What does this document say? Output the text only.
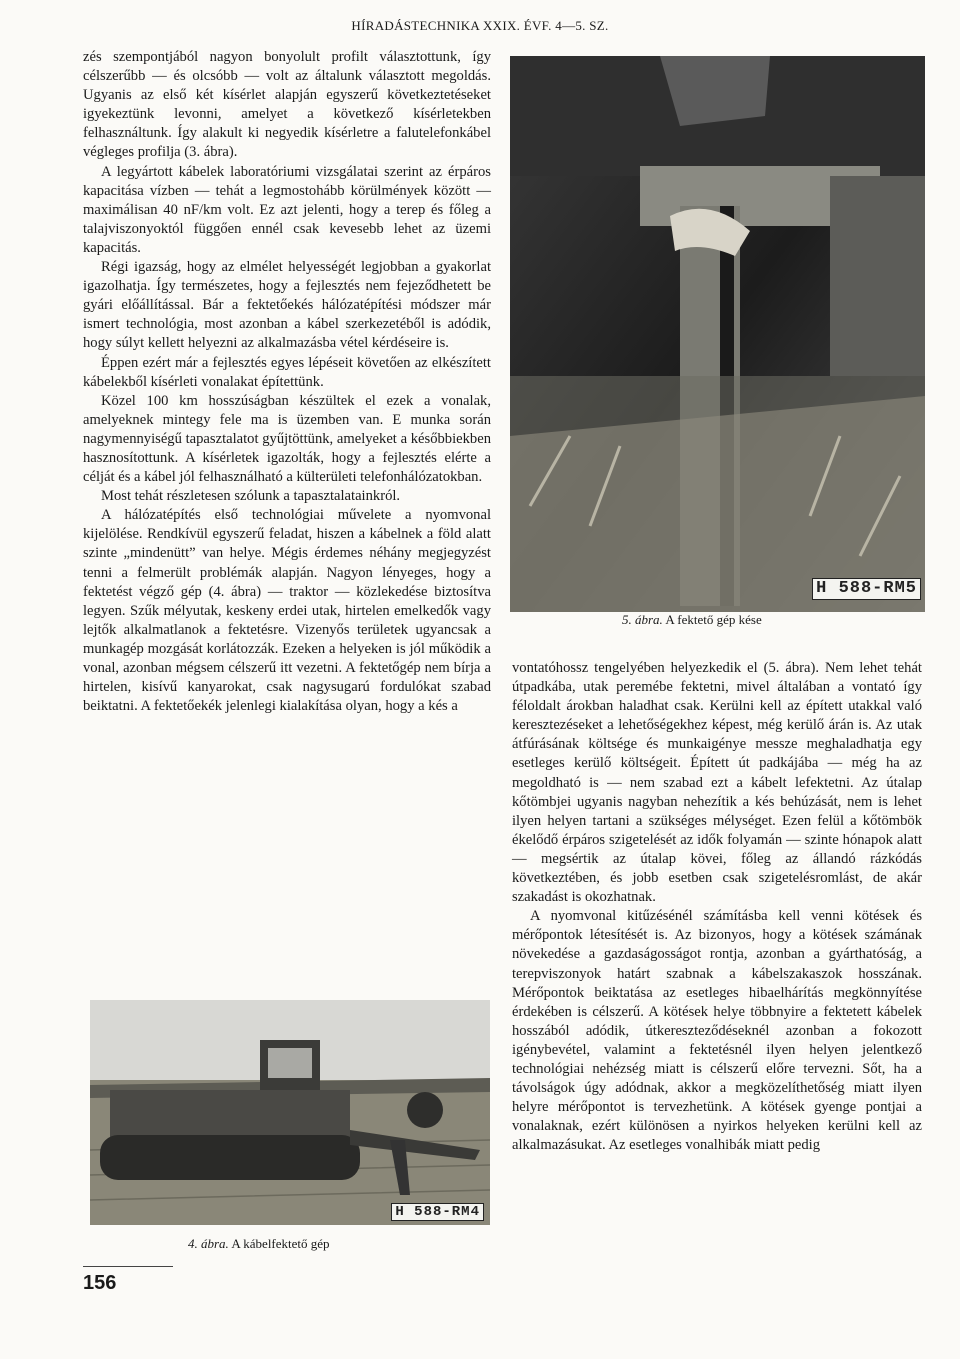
HÍRADÁSTECHNIKA XXIX. ÉVF. 4—5. SZ.

zés szempontjából nagyon bonyolult profilt választottunk, így célszerűbb — és olcsóbb — volt az általunk választott megoldás. Ugyanis az első két kísérlet alapján egyszerű következtetéseket igyekeztünk levonni, amelyet a következő kísérletekben felhasználtunk. Így alakult ki negyedik kísérletre a falutelefonkábel végleges profilja (3. ábra).

A legyártott kábelek laboratóriumi vizsgálatai szerint az érpáros kapacitása vízben — tehát a legmostohább körülmények között — maximálisan 40 nF/km volt. Ez azt jelenti, hogy a terep és főleg a talajviszonyoktól függően ennél csak kevesebb lehet az üzemi kapacitás.

Régi igazság, hogy az elmélet helyességét legjobban a gyakorlat igazolhatja. Így természetes, hogy a fejlesztés nem fejeződhetett be gyári előállítással. Bár a fektetőekés hálózatépítési módszer már ismert technológia, most azonban a kábel szerkezetéből is adódik, hogy súlyt kellett helyezni az alkalmazásba vétel kérdéseire is.

Éppen ezért már a fejlesztés egyes lépéseit követően az elkészített kábelekből kísérleti vonalakat építettünk.

Közel 100 km hosszúságban készültek el ezek a vonalak, amelyeknek mintegy fele ma is üzemben van. E munka során nagymennyiségű tapasztalatot gyűjtöttünk, amelyeket a későbbiekben hasznosítottunk. A kísérletek igazolták, hogy a fejlesztés elérte a célját és a kábel jól felhasználható a külterületi telefonhálózatokban.

Most tehát részletesen szólunk a tapasztalatainkról.

A hálózatépítés első technológiai művelete a nyomvonal kijelölése. Rendkívül egyszerű feladat, hiszen a kábelnek a föld alatt szinte „mindenütt” van helye. Mégis érdemes néhány megjegyzést tenni a felmerült problémák alapján. Nagyon lényeges, hogy a fektetést végző gép (4. ábra) — traktor — közlekedése biztosítva legyen. Szűk mélyutak, keskeny erdei utak, hirtelen emelkedők vagy lejtők alkalmatlanok a fektetésre. Vizenyős területek ugyancsak a munkagép mozgását korlátozzák. Ezeken a helyeken is jól működik a vonal, azonban mégsem célszerű itt vezetni. A fektetőgép nem bírja a hirtelen, kisívű kanyarokat, csak nagysugarú fordulókat szabad beiktatni. A fektetőekék jelenlegi kialakítása olyan, hogy a kés a

H 588-RM5
5. ábra. A fektető gép kése

vontatóhossz tengelyében helyezkedik el (5. ábra). Nem lehet tehát útpadkába, utak peremébe fektetni, mivel általában a vontató így féloldalt árokban haladhat csak. Kerülni kell az épített utakkal való keresztezéseket a lehetőségekhez képest, még kerülő árán is. Az utak átfúrásának költsége és munkaigénye messze meghaladhatja egy esetleges kerülő költségeit. Épített út padkájába — még ha az megoldható is — nem szabad ezt a kábelt lefektetni. Az útalap kőtömbjei ugyanis nagyban nehezítik a kés behúzását, nem is lehet ilyen helyen tartani a szükséges mélységet. Ezen felül a kőtömbök ékelődő érpáros szigetelését az idők folyamán — szinte hónapok alatt — megsértik az útalap kövei, főleg az állandó rázkódás következtében, és jobb esetben csak szigetelésromlást, de akár szakadást is okozhatnak.

A nyomvonal kitűzésénél számításba kell venni kötések és mérőpontok létesítését is. Az bizonyos, hogy a kötések számának növekedése a gazdaságosságot rontja, azonban a gyárthatóság, a terepviszonyok határt szabnak a kábelszakaszok hosszának. Mérőpontok beiktatása az esetleges hibaelhárítás megkönnyítése érdekében is célszerű. A kötések helye többnyire a fektetett kábelek hosszából adódik, útkereszteződéseknél azonban a fokozott igénybevétel, valamint a fektetésnél ilyen helyen jelentkező technológiai nehézség miatt is célszerű előre tervezni. Sőt, ha a távolságok úgy adódnak, akkor a megközelíthetőség miatt ilyen helyre mérőpontot is tervezhetünk. A kötések gyenge pontjai a vonalaknak, ezért különösen a nyirkos helyeken kerülni kell az alkalmazásukat. Az esetleges vonalhibák miatt pedig

H 588-RM4
4. ábra. A kábelfektető gép
156
